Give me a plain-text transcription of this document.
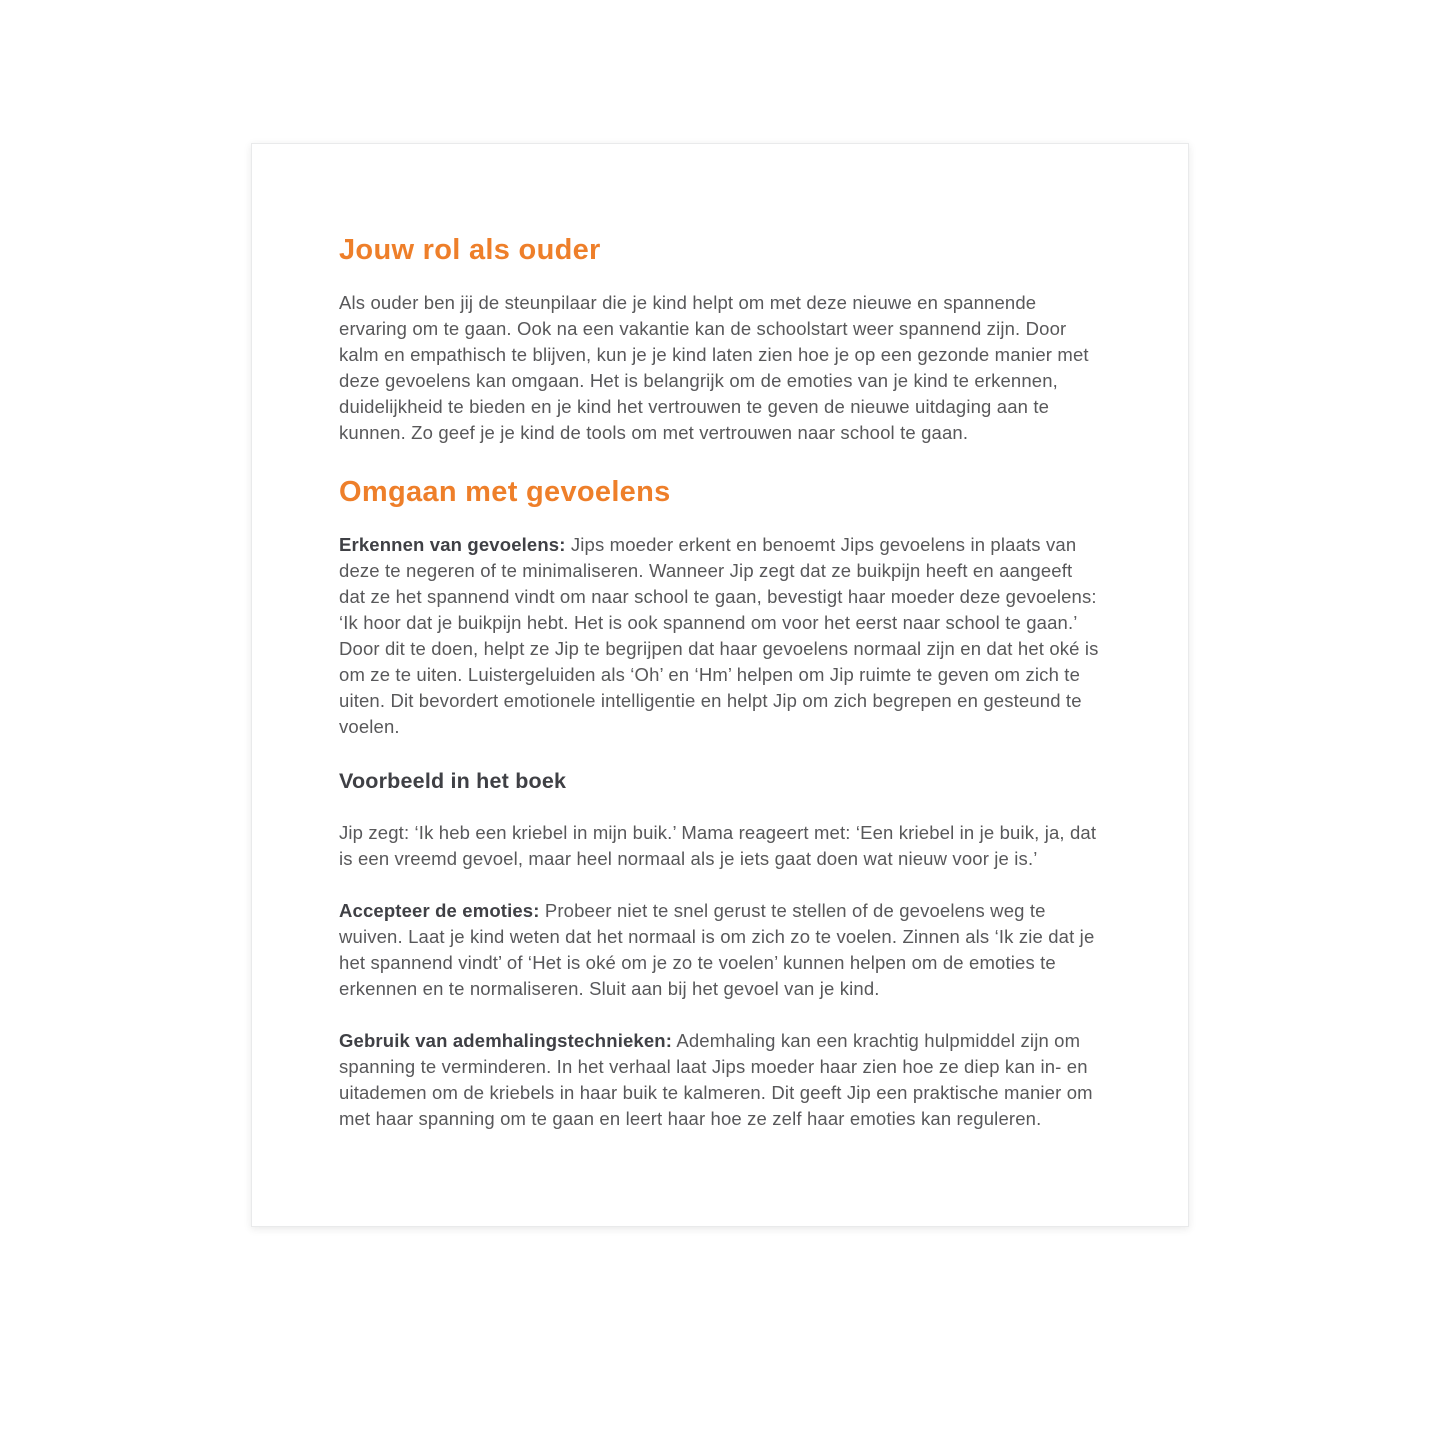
Jouw rol als ouder

Als ouder ben jij de steunpilaar die je kind helpt om met deze nieuwe en spannende ervaring om te gaan. Ook na een vakantie kan de schoolstart weer spannend zijn. Door kalm en empathisch te blijven, kun je je kind laten zien hoe je op een gezonde manier met deze gevoelens kan omgaan. Het is belangrijk om de emoties van je kind te erkennen, duidelijkheid te bieden en je kind het vertrouwen te geven de nieuwe uitdaging aan te kunnen. Zo geef je je kind de tools om met vertrouwen naar school te gaan.

Omgaan met gevoelens

Erkennen van gevoelens: Jips moeder erkent en benoemt Jips gevoelens in plaats van deze te negeren of te minimaliseren. Wanneer Jip zegt dat ze buikpijn heeft en aangeeft dat ze het spannend vindt om naar school te gaan, bevestigt haar moeder deze gevoelens: ‘Ik hoor dat je buikpijn hebt. Het is ook spannend om voor het eerst naar school te gaan.’ Door dit te doen, helpt ze Jip te begrijpen dat haar gevoelens normaal zijn en dat het oké is om ze te uiten. Luistergeluiden als ‘Oh’ en ‘Hm’ helpen om Jip ruimte te geven om zich te uiten. Dit bevordert emotionele intelligentie en helpt Jip om zich begrepen en gesteund te voelen.

Voorbeeld in het boek

Jip zegt: ‘Ik heb een kriebel in mijn buik.’ Mama reageert met: ‘Een kriebel in je buik, ja, dat is een vreemd gevoel, maar heel normaal als je iets gaat doen wat nieuw voor je is.’

Accepteer de emoties: Probeer niet te snel gerust te stellen of de gevoelens weg te wuiven. Laat je kind weten dat het normaal is om zich zo te voelen. Zinnen als ‘Ik zie dat je het spannend vindt’ of ‘Het is oké om je zo te voelen’ kunnen helpen om de emoties te erkennen en te normaliseren. Sluit aan bij het gevoel van je kind.

Gebruik van ademhalingstechnieken: Ademhaling kan een krachtig hulpmiddel zijn om spanning te verminderen. In het verhaal laat Jips moeder haar zien hoe ze diep kan in- en uitademen om de kriebels in haar buik te kalmeren. Dit geeft Jip een praktische manier om met haar spanning om te gaan en leert haar hoe ze zelf haar emoties kan reguleren.
